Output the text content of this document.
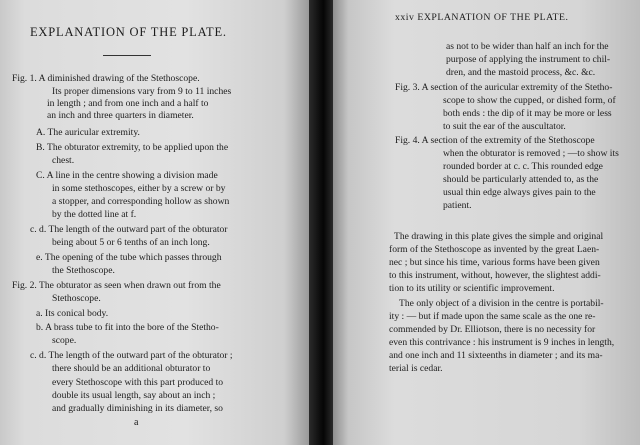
EXPLANATION OF THE PLATE.
a
Fig. 1. A diminished drawing of the Stethoscope.
Its proper dimensions vary from 9 to 11 inches
in length ; and from one inch and a half to
an inch and three quarters in diameter.
A. The auricular extremity.
B. The obturator extremity, to be applied upon the
chest.
C. A line in the centre showing a division made
in some stethoscopes, either by a screw or by
a stopper, and corresponding hollow as shown
by the dotted line at f.
c. d. The length of the outward part of the obturator
being about 5 or 6 tenths of an inch long.
e. The opening of the tube which passes through
the Stethoscope.
Fig. 2. The obturator as seen when drawn out from the
Stethoscope.
a. Its conical body.
b. A brass tube to fit into the bore of the Stetho-
scope.
c. d. The length of the outward part of the obturator ;
there should be an additional obturator to
every Stethoscope with this part produced to
double its usual length, say about an inch ;
and gradually diminishing in its diameter, so
xxiv EXPLANATION OF THE PLATE.
as not to be wider than half an inch for the
purpose of applying the instrument to chil-
dren, and the mastoid process, &c. &c.
Fig. 3. A section of the auricular extremity of the Stetho-
scope to show the cupped, or dished form, of
both ends : the dip of it may be more or less
to suit the ear of the auscultator.
Fig. 4. A section of the extremity of the Stethoscope
when the obturator is removed ; —to show its
rounded border at c. c. This rounded edge
should be particularly attended to, as the
usual thin edge always gives pain to the
patient.
The drawing in this plate gives the simple and original
form of the Stethoscope as invented by the great Laen-
nec ; but since his time, various forms have been given
to this instrument, without, however, the slightest addi-
tion to its utility or scientific improvement.
The only object of a division in the centre is portabil-
ity : — but if made upon the same scale as the one re-
commended by Dr. Elliotson, there is no necessity for
even this contrivance : his instrument is 9 inches in length,
and one inch and 11 sixteenths in diameter ; and its ma-
terial is cedar.
